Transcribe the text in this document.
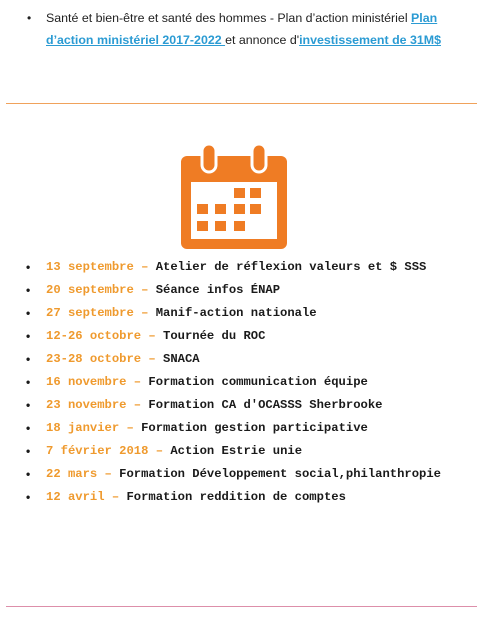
• Santé et bien-être et santé des hommes - Plan d’action ministériel Plan d’action ministériel 2017-2022 et annonce d'investissement de 31M$
• 13 septembre – Atelier de réflexion valeurs et $ SSS
• 20 septembre – Séance infos ÉNAP
• 27 septembre – Manif-action nationale
• 12-26 octobre – Tournée du ROC
• 23-28 octobre – SNACA
• 16 novembre – Formation communication équipe
• 23 novembre – Formation CA d'OCASSS Sherbrooke
• 18 janvier – Formation gestion participative
• 7 février 2018 – Action Estrie unie
• 22 mars – Formation Développement social,philanthropie
• 12 avril – Formation reddition de comptes
